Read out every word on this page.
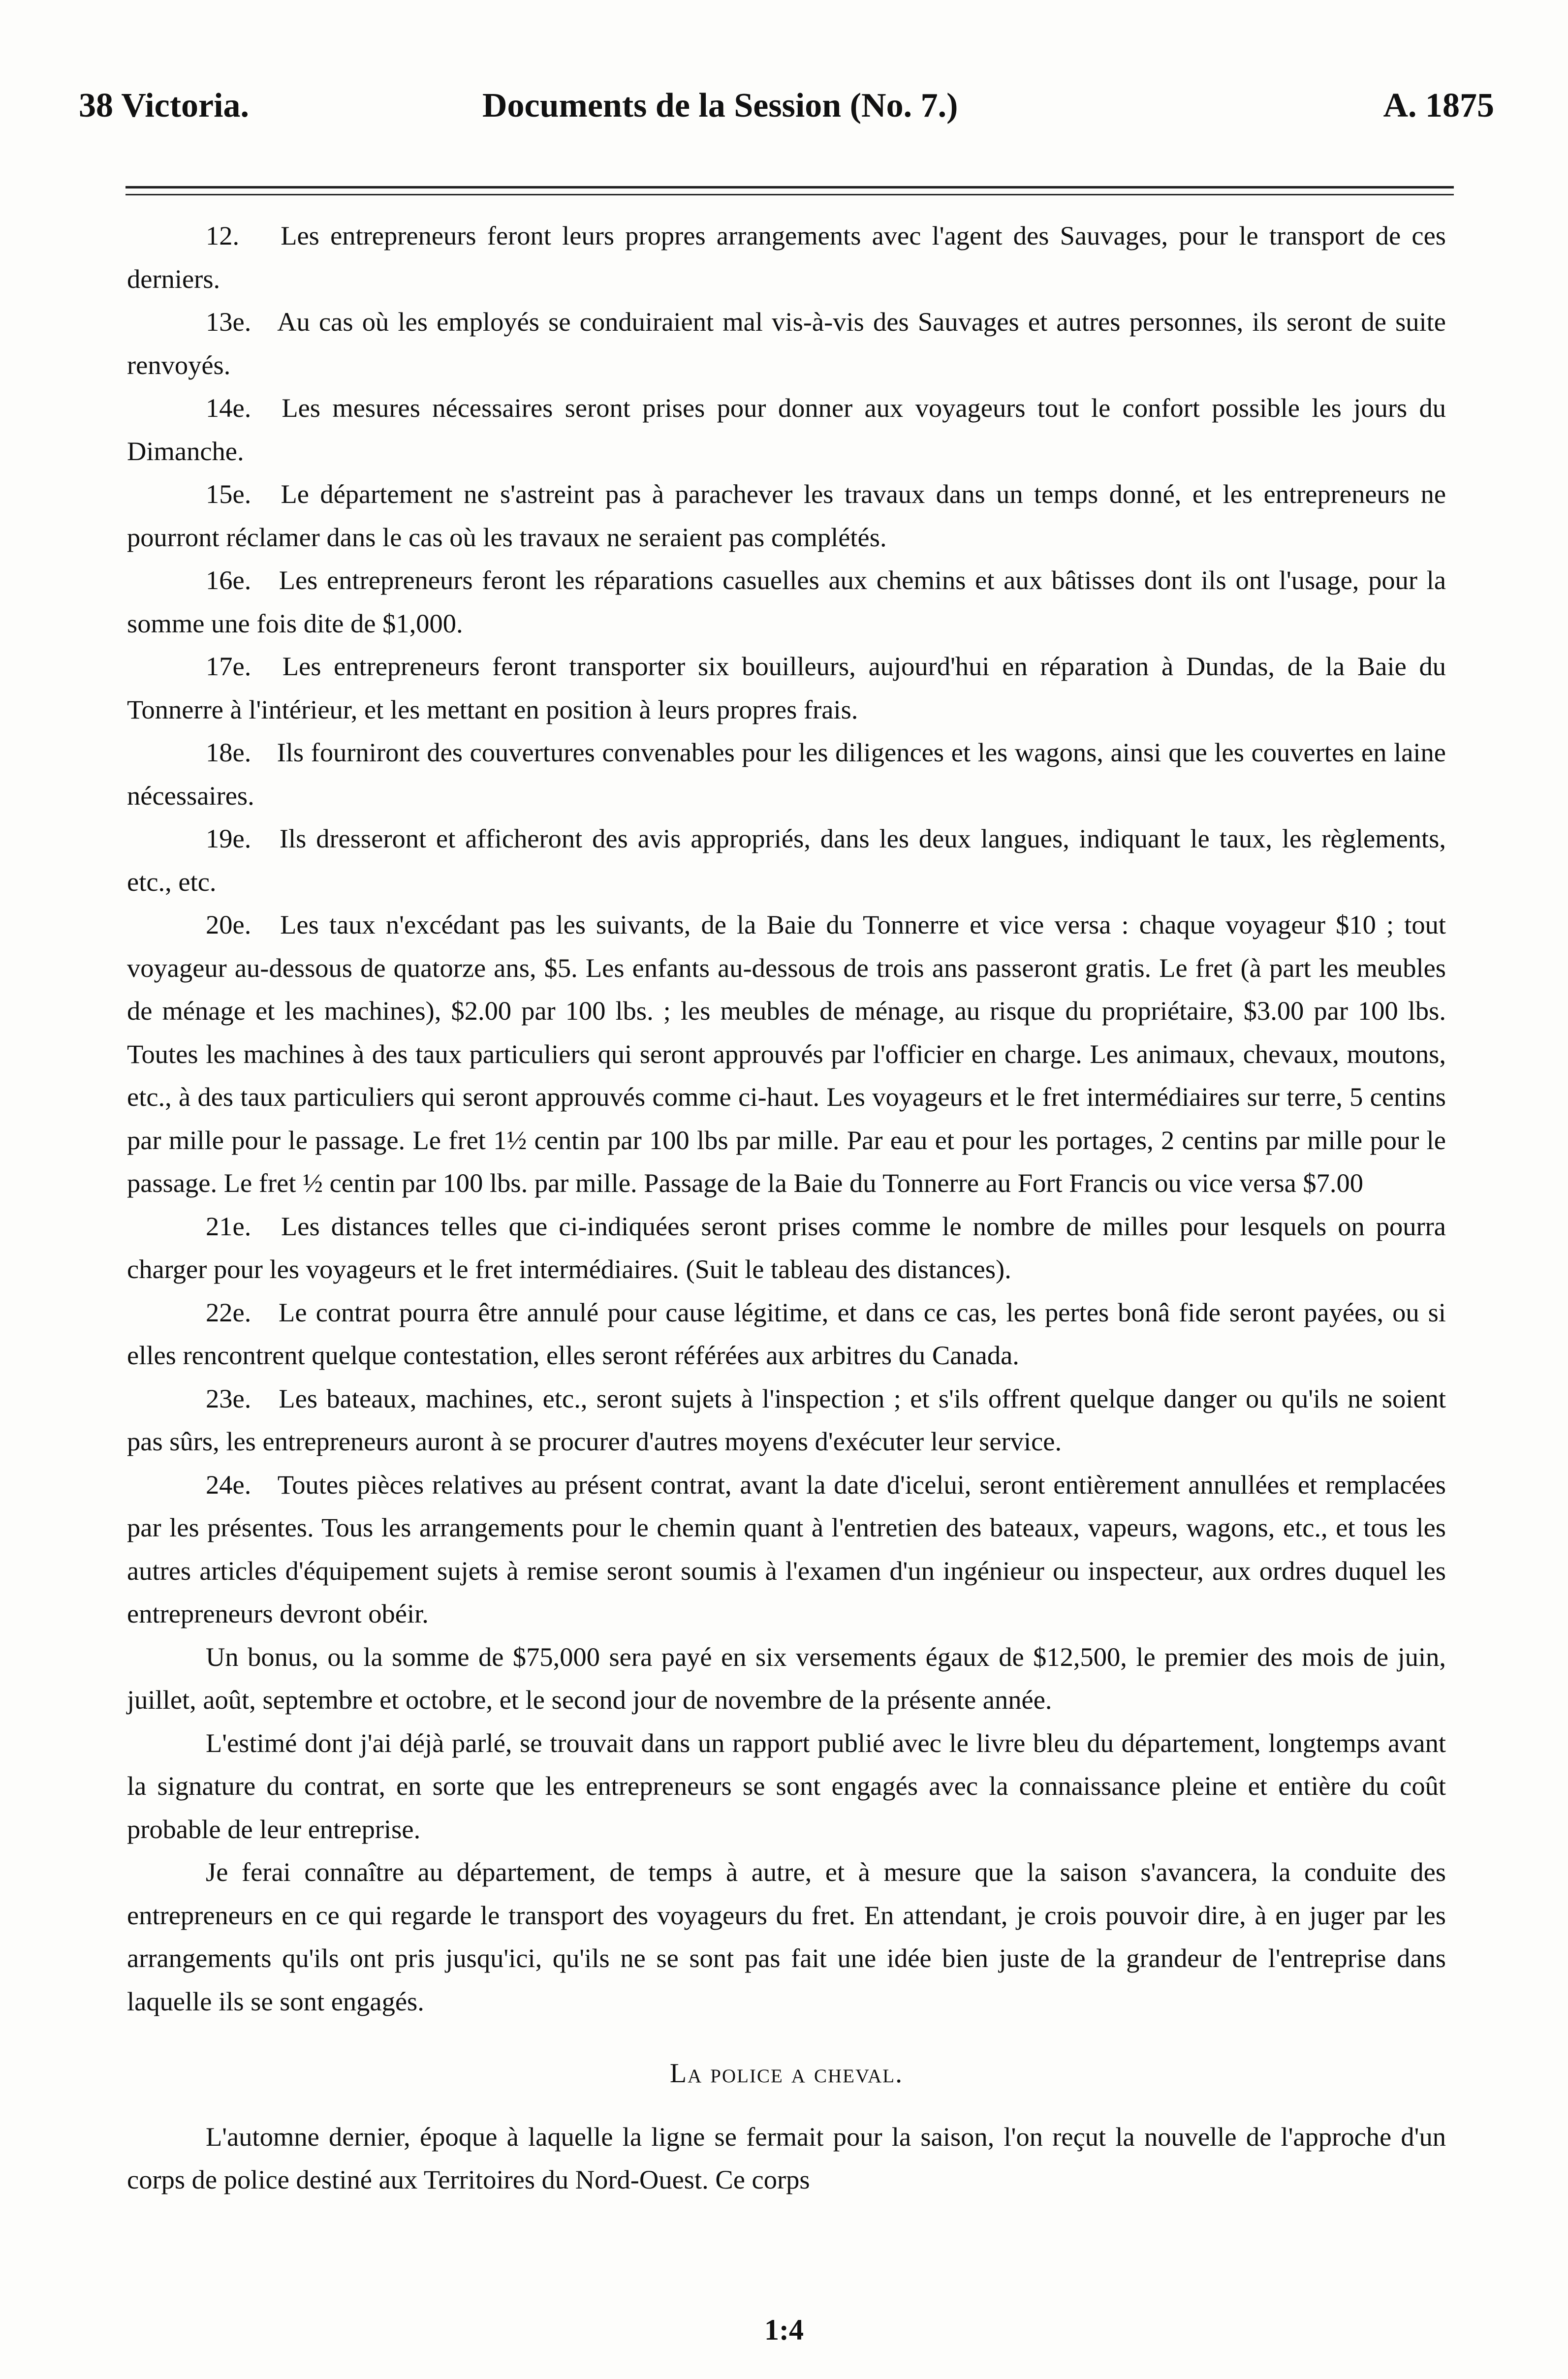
38 Victoria.	Documents de la Session (No. 7.)	A. 1875

12. Les entrepreneurs feront leurs propres arrangements avec l'agent des Sauvages, pour le transport de ces derniers.

13e. Au cas où les employés se conduiraient mal vis-à-vis des Sauvages et autres personnes, ils seront de suite renvoyés.

14e. Les mesures nécessaires seront prises pour donner aux voyageurs tout le confort possible les jours du Dimanche.

15e. Le département ne s'astreint pas à parachever les travaux dans un temps donné, et les entrepreneurs ne pourront réclamer dans le cas où les travaux ne seraient pas complétés.

16e. Les entrepreneurs feront les réparations casuelles aux chemins et aux bâtisses dont ils ont l'usage, pour la somme une fois dite de $1,000.

17e. Les entrepreneurs feront transporter six bouilleurs, aujourd'hui en réparation à Dundas, de la Baie du Tonnerre à l'intérieur, et les mettant en position à leurs propres frais.

18e. Ils fourniront des couvertures convenables pour les diligences et les wagons, ainsi que les couvertes en laine nécessaires.

19e. Ils dresseront et afficheront des avis appropriés, dans les deux langues, indiquant le taux, les règlements, etc., etc.

20e. Les taux n'excédant pas les suivants, de la Baie du Tonnerre et vice versa : chaque voyageur $10 ; tout voyageur au-dessous de quatorze ans, $5. Les enfants au-dessous de trois ans passeront gratis. Le fret (à part les meubles de ménage et les machines), $2.00 par 100 lbs. ; les meubles de ménage, au risque du propriétaire, $3.00 par 100 lbs. Toutes les machines à des taux particuliers qui seront approuvés par l'officier en charge. Les animaux, chevaux, moutons, etc., à des taux particuliers qui seront approuvés comme ci-haut. Les voyageurs et le fret intermédiaires sur terre, 5 centins par mille pour le passage. Le fret 1½ centin par 100 lbs par mille. Par eau et pour les portages, 2 centins par mille pour le passage. Le fret ½ centin par 100 lbs. par mille. Passage de la Baie du Tonnerre au Fort Francis ou vice versa $7.00

21e. Les distances telles que ci-indiquées seront prises comme le nombre de milles pour lesquels on pourra charger pour les voyageurs et le fret intermédiaires. (Suit le tableau des distances).

22e. Le contrat pourra être annulé pour cause légitime, et dans ce cas, les pertes bonâ fide seront payées, ou si elles rencontrent quelque contestation, elles seront référées aux arbitres du Canada.

23e. Les bateaux, machines, etc., seront sujets à l'inspection ; et s'ils offrent quelque danger ou qu'ils ne soient pas sûrs, les entrepreneurs auront à se procurer d'autres moyens d'exécuter leur service.

24e. Toutes pièces relatives au présent contrat, avant la date d'icelui, seront entièrement annullées et remplacées par les présentes. Tous les arrangements pour le chemin quant à l'entretien des bateaux, vapeurs, wagons, etc., et tous les autres articles d'équipement sujets à remise seront soumis à l'examen d'un ingénieur ou inspecteur, aux ordres duquel les entrepreneurs devront obéir.

Un bonus, ou la somme de $75,000 sera payé en six versements égaux de $12,500, le premier des mois de juin, juillet, août, septembre et octobre, et le second jour de novembre de la présente année.

L'estimé dont j'ai déjà parlé, se trouvait dans un rapport publié avec le livre bleu du département, longtemps avant la signature du contrat, en sorte que les entrepreneurs se sont engagés avec la connaissance pleine et entière du coût probable de leur entreprise.

Je ferai connaître au département, de temps à autre, et à mesure que la saison s'avancera, la conduite des entrepreneurs en ce qui regarde le transport des voyageurs du fret. En attendant, je crois pouvoir dire, à en juger par les arrangements qu'ils ont pris jusqu'ici, qu'ils ne se sont pas fait une idée bien juste de la grandeur de l'entreprise dans laquelle ils se sont engagés.

La police a cheval.

L'automne dernier, époque à laquelle la ligne se fermait pour la saison, l'on reçut la nouvelle de l'approche d'un corps de police destiné aux Territoires du Nord-Ouest. Ce corps

1:4
